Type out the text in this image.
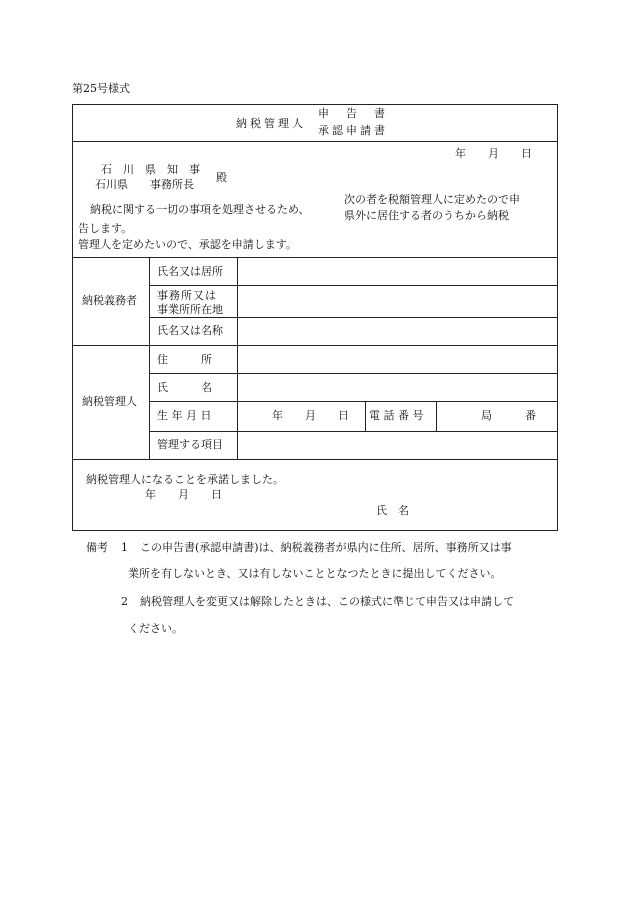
第25号様式
納税管理人
申　告　書
承認申請書
年　　月　　日
石　川　県　知　事
石川県　　事務所長
殿
納税に関する一切の事項を処理させるため、
告します。
次の者を税額管理人に定めたので申
県外に居住する者のうちから納税
管理人を定めたいので、承認を申請します。
納税義務者
氏名又は居所
事務所又は
事業所所在地
氏名又は名称
納税管理人
住　　　所
氏　　　名
生 年 月 日	年　　月　　日 電 話 番 号	局　　　番
管理する項目
納税管理人になることを承諾しました。
年　　月　　日
氏　名
備考 1 この申告書(承認申請書)は、納税義務者が県内に住所、居所、事務所又は事
業所を有しないとき、又は有しないこととなつたときに提出してください。
2 納税管理人を変更又は解除したときは、この様式に準じて申告又は申請して
ください。
